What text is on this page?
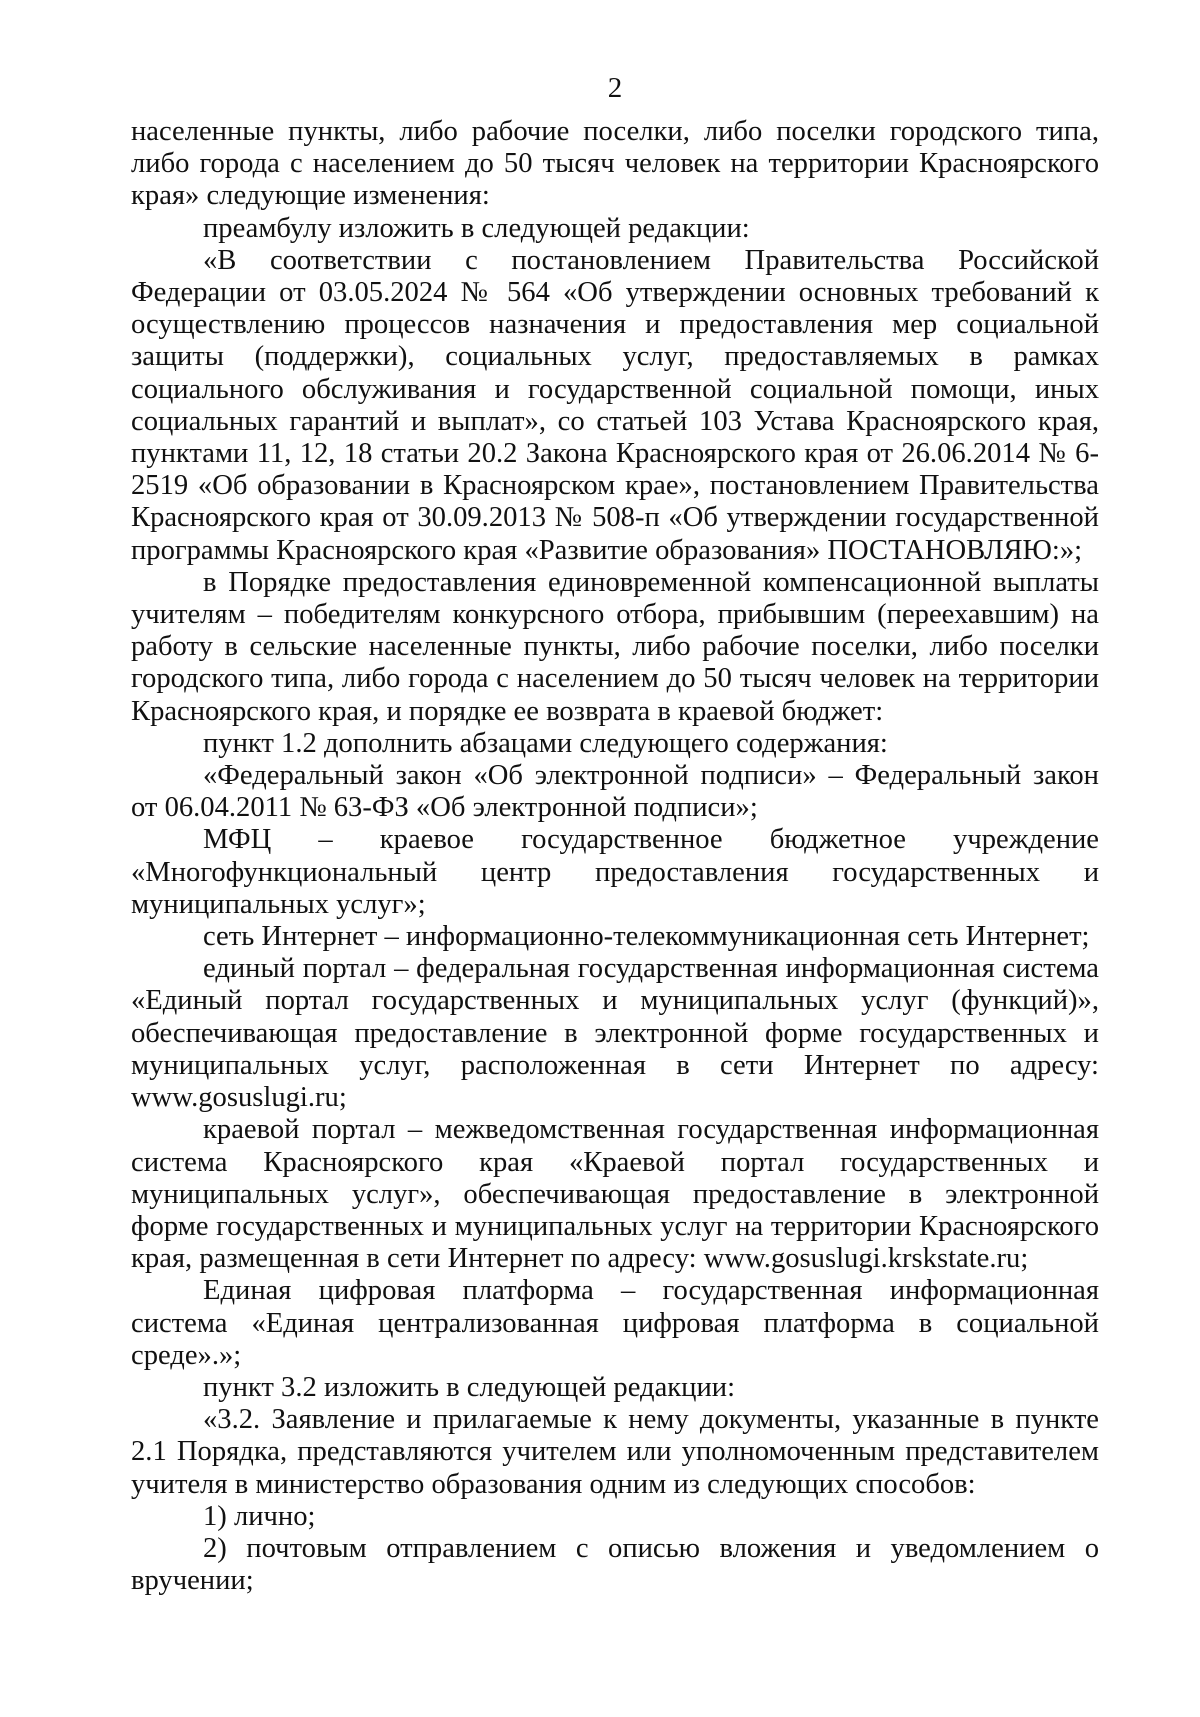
2

населенные пункты, либо рабочие поселки, либо поселки городского типа, либо города с населением до 50 тысяч человек на территории Красноярского края» следующие изменения:

преамбулу изложить в следующей редакции:

«В соответствии с постановлением Правительства Российской Федерации от 03.05.2024 № 564 «Об утверждении основных требований к осуществлению процессов назначения и предоставления мер социальной защиты (поддержки), социальных услуг, предоставляемых в рамках социального обслуживания и государственной социальной помощи, иных социальных гарантий и выплат», со статьей 103 Устава Красноярского края, пунктами 11, 12, 18 статьи 20.2 Закона Красноярского края от 26.06.2014 № 6-2519 «Об образовании в Красноярском крае», постановлением Правительства Красноярского края от 30.09.2013 № 508-п «Об утверждении государственной программы Красноярского края «Развитие образования» ПОСТАНОВЛЯЮ:»;

в Порядке предоставления единовременной компенсационной выплаты учителям – победителям конкурсного отбора, прибывшим (переехавшим) на работу в сельские населенные пункты, либо рабочие поселки, либо поселки городского типа, либо города с населением до 50 тысяч человек на территории Красноярского края, и порядке ее возврата в краевой бюджет:

пункт 1.2 дополнить абзацами следующего содержания:

«Федеральный закон «Об электронной подписи» – Федеральный закон от 06.04.2011 № 63-ФЗ «Об электронной подписи»;

МФЦ – краевое государственное бюджетное учреждение «Многофункциональный центр предоставления государственных и муниципальных услуг»;

сеть Интернет – информационно-телекоммуникационная сеть Интернет;

единый портал – федеральная государственная информационная система «Единый портал государственных и муниципальных услуг (функций)», обеспечивающая предоставление в электронной форме государственных и муниципальных услуг, расположенная в сети Интернет по адресу: www.gosuslugi.ru;

краевой портал – межведомственная государственная информационная система Красноярского края «Краевой портал государственных и муниципальных услуг», обеспечивающая предоставление в электронной форме государственных и муниципальных услуг на территории Красноярского края, размещенная в сети Интернет по адресу: www.gosuslugi.krskstate.ru;

Единая цифровая платформа – государственная информационная система «Единая централизованная цифровая платформа в социальной среде».»;

пункт 3.2 изложить в следующей редакции:

«3.2. Заявление и прилагаемые к нему документы, указанные в пункте 2.1 Порядка, представляются учителем или уполномоченным представителем учителя в министерство образования одним из следующих способов:

1) лично;

2) почтовым отправлением с описью вложения и уведомлением о вручении;
